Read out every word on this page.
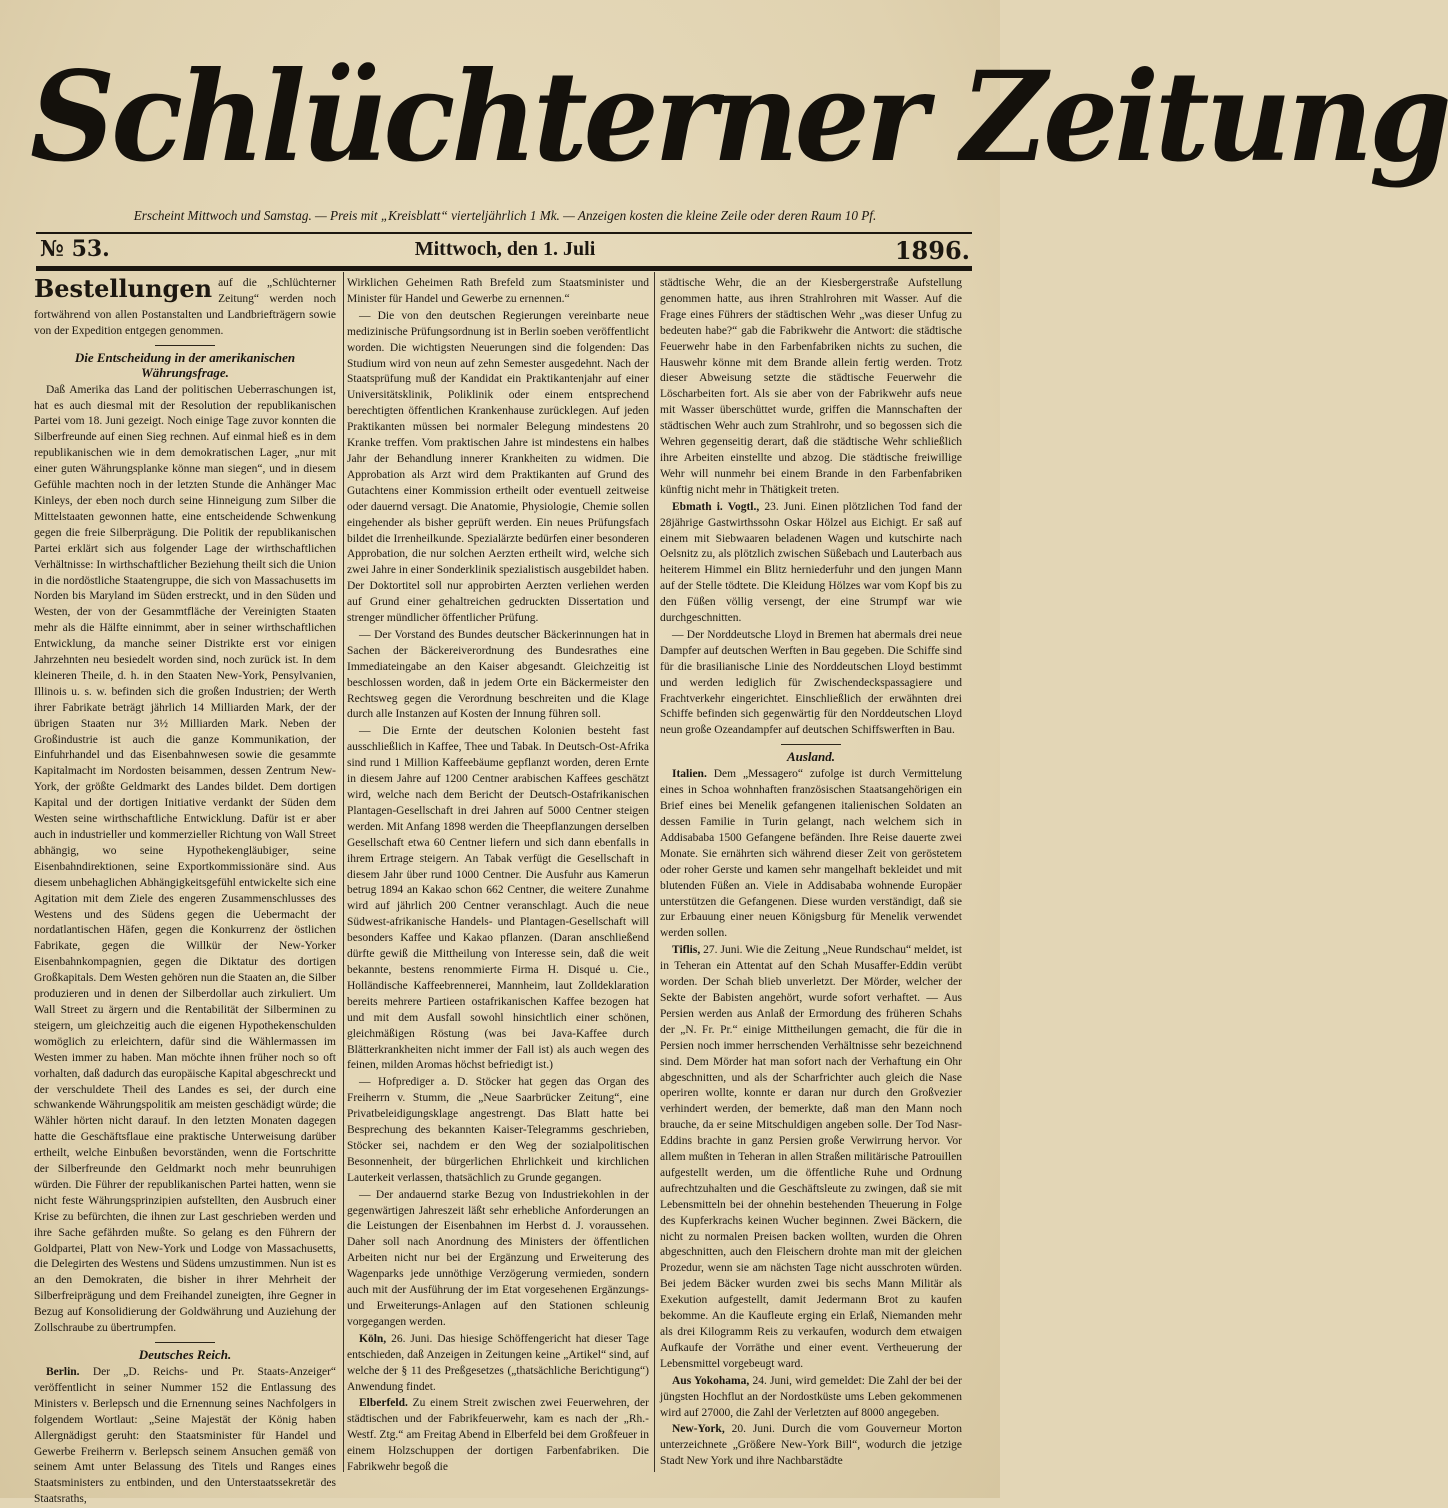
Schlüchterner Zeitung
Erscheint Mittwoch und Samstag. — Preis mit „Kreisblatt“ vierteljährlich 1 Mk. — Anzeigen kosten die kleine Zeile oder deren Raum 10 Pf.
№ 53.	Mittwoch, den 1. Juli	1896.
Bestellungen auf die „Schlüchterner Zeitung“ werden noch fortwährend von allen Postanstalten und Landbriefträgern sowie von der Expedition entgegen genommen.
Die Entscheidung in der amerikanischen Währungsfrage.

Daß Amerika das Land der politischen Ueberraschungen ist, hat es auch diesmal mit der Resolution der republikanischen Partei vom 18. Juni gezeigt. Noch einige Tage zuvor konnten die Silberfreunde auf einen Sieg rechnen. Auf einmal hieß es in dem republikanischen wie in dem demokratischen Lager, „nur mit einer guten Währungsplanke könne man siegen“, und in diesem Gefühle machten noch in der letzten Stunde die Anhänger Mac Kinleys, der eben noch durch seine Hinneigung zum Silber die Mittelstaaten gewonnen hatte, eine entscheidende Schwenkung gegen die freie Silberprägung. Die Politik der republikanischen Partei erklärt sich aus folgender Lage der wirthschaftlichen Verhältnisse: In wirthschaftlicher Beziehung theilt sich die Union in die nordöstliche Staatengruppe, die sich von Massachusetts im Norden bis Maryland im Süden erstreckt, und in den Süden und Westen, der von der Gesammtfläche der Vereinigten Staaten mehr als die Hälfte einnimmt, aber in seiner wirthschaftlichen Entwicklung, da manche seiner Distrikte erst vor einigen Jahrzehnten neu besiedelt worden sind, noch zurück ist. In dem kleineren Theile, d. h. in den Staaten New-York, Pensylvanien, Illinois u. s. w. befinden sich die großen Industrien; der Werth ihrer Fabrikate beträgt jährlich 14 Milliarden Mark, der der übrigen Staaten nur 3½ Milliarden Mark. Neben der Großindustrie ist auch die ganze Kommunikation, der Einfuhrhandel und das Eisenbahnwesen sowie die gesammte Kapitalmacht im Nordosten beisammen, dessen Zentrum New-York, der größte Geldmarkt des Landes bildet. Dem dortigen Kapital und der dortigen Initiative verdankt der Süden dem Westen seine wirthschaftliche Entwicklung. Dafür ist er aber auch in industrieller und kommerzieller Richtung von Wall Street abhängig, wo seine Hypothekengläubiger, seine Eisenbahndirektionen, seine Exportkommissionäre sind. Aus diesem unbehaglichen Abhängigkeitsgefühl entwickelte sich eine Agitation mit dem Ziele des engeren Zusammenschlusses des Westens und des Südens gegen die Uebermacht der nordatlantischen Häfen, gegen die Konkurrenz der östlichen Fabrikate, gegen die Willkür der New-Yorker Eisenbahnkompagnien, gegen die Diktatur des dortigen Großkapitals. Dem Westen gehören nun die Staaten an, die Silber produzieren und in denen der Silberdollar auch zirkuliert. Um Wall Street zu ärgern und die Rentabilität der Silberminen zu steigern, um gleichzeitig auch die eigenen Hypothekenschulden womöglich zu erleichtern, dafür sind die Wählermassen im Westen immer zu haben. Man möchte ihnen früher noch so oft vorhalten, daß dadurch das europäische Kapital abgeschreckt und der verschuldete Theil des Landes es sei, der durch eine schwankende Währungspolitik am meisten geschädigt würde; die Wähler hörten nicht darauf. In den letzten Monaten dagegen hatte die Geschäftsflaue eine praktische Unterweisung darüber ertheilt, welche Einbußen bevorständen, wenn die Fortschritte der Silberfreunde den Geldmarkt noch mehr beunruhigen würden. Die Führer der republikanischen Partei hatten, wenn sie nicht feste Währungsprinzipien aufstellten, den Ausbruch einer Krise zu befürchten, die ihnen zur Last geschrieben werden und ihre Sache gefährden mußte. So gelang es den Führern der Goldpartei, Platt von New-York und Lodge von Massachusetts, die Delegirten des Westens und Südens umzustimmen. Nun ist es an den Demokraten, die bisher in ihrer Mehrheit der Silberfreiprägung und dem Freihandel zuneigten, ihre Gegner in Bezug auf Konsolidierung der Goldwährung und Auziehung der Zollschraube zu übertrumpfen.

Deutsches Reich.

Berlin. Der „D. Reichs- und Pr. Staats-Anzeiger“ veröffentlicht in seiner Nummer 152 die Entlassung des Ministers v. Berlepsch und die Ernennung seines Nachfolgers in folgendem Wortlaut: „Seine Majestät der König haben Allergnädigst geruht: den Staatsminister für Handel und Gewerbe Freiherrn v. Berlepsch seinem Ansuchen gemäß von seinem Amt unter Belassung des Titels und Ranges eines Staatsministers zu entbinden, und den Unterstaatssekretär des Staatsraths,

Wirklichen Geheimen Rath Brefeld zum Staatsminister und Minister für Handel und Gewerbe zu ernennen.“

— Die von den deutschen Regierungen vereinbarte neue medizinische Prüfungsordnung ist in Berlin soeben veröffentlicht worden. Die wichtigsten Neuerungen sind die folgenden: Das Studium wird von neun auf zehn Semester ausgedehnt. Nach der Staatsprüfung muß der Kandidat ein Praktikantenjahr auf einer Universitätsklinik, Poliklinik oder einem entsprechend berechtigten öffentlichen Krankenhause zurücklegen. Auf jeden Praktikanten müssen bei normaler Belegung mindestens 20 Kranke treffen. Vom praktischen Jahre ist mindestens ein halbes Jahr der Behandlung innerer Krankheiten zu widmen. Die Approbation als Arzt wird dem Praktikanten auf Grund des Gutachtens einer Kommission ertheilt oder eventuell zeitweise oder dauernd versagt. Die Anatomie, Physiologie, Chemie sollen eingehender als bisher geprüft werden. Ein neues Prüfungsfach bildet die Irrenheilkunde. Spezialärzte bedürfen einer besonderen Approbation, die nur solchen Aerzten ertheilt wird, welche sich zwei Jahre in einer Sonderklinik spezialistisch ausgebildet haben. Der Doktortitel soll nur approbirten Aerzten verliehen werden auf Grund einer gehaltreichen gedruckten Dissertation und strenger mündlicher öffentlicher Prüfung.

— Der Vorstand des Bundes deutscher Bäckerinnungen hat in Sachen der Bäckereiverordnung des Bundesrathes eine Immediateingabe an den Kaiser abgesandt. Gleichzeitig ist beschlossen worden, daß in jedem Orte ein Bäckermeister den Rechtsweg gegen die Verordnung beschreiten und die Klage durch alle Instanzen auf Kosten der Innung führen soll.

— Die Ernte der deutschen Kolonien besteht fast ausschließlich in Kaffee, Thee und Tabak. In Deutsch-Ost-Afrika sind rund 1 Million Kaffeebäume gepflanzt worden, deren Ernte in diesem Jahre auf 1200 Centner arabischen Kaffees geschätzt wird, welche nach dem Bericht der Deutsch-Ostafrikanischen Plantagen-Gesellschaft in drei Jahren auf 5000 Centner steigen werden. Mit Anfang 1898 werden die Theepflanzungen derselben Gesellschaft etwa 60 Centner liefern und sich dann ebenfalls in ihrem Ertrage steigern. An Tabak verfügt die Gesellschaft in diesem Jahr über rund 1000 Centner. Die Ausfuhr aus Kamerun betrug 1894 an Kakao schon 662 Centner, die weitere Zunahme wird auf jährlich 200 Centner veranschlagt. Auch die neue Südwest-afrikanische Handels- und Plantagen-Gesellschaft will besonders Kaffee und Kakao pflanzen. (Daran anschließend dürfte gewiß die Mittheilung von Interesse sein, daß die weit bekannte, bestens renommierte Firma H. Disqué u. Cie., Holländische Kaffeebrennerei, Mannheim, laut Zolldeklaration bereits mehrere Partieen ostafrikanischen Kaffee bezogen hat und mit dem Ausfall sowohl hinsichtlich einer schönen, gleichmäßigen Röstung (was bei Java-Kaffee durch Blätterkrankheiten nicht immer der Fall ist) als auch wegen des feinen, milden Aromas höchst befriedigt ist.)

— Hofprediger a. D. Stöcker hat gegen das Organ des Freiherrn v. Stumm, die „Neue Saarbrücker Zeitung“, eine Privatbeleidigungsklage angestrengt. Das Blatt hatte bei Besprechung des bekannten Kaiser-Telegramms geschrieben, Stöcker sei, nachdem er den Weg der sozialpolitischen Besonnenheit, der bürgerlichen Ehrlichkeit und kirchlichen Lauterkeit verlassen, thatsächlich zu Grunde gegangen.

— Der andauernd starke Bezug von Industriekohlen in der gegenwärtigen Jahreszeit läßt sehr erhebliche Anforderungen an die Leistungen der Eisenbahnen im Herbst d. J. voraussehen. Daher soll nach Anordnung des Ministers der öffentlichen Arbeiten nicht nur bei der Ergänzung und Erweiterung des Wagenparks jede unnöthige Verzögerung vermieden, sondern auch mit der Ausführung der im Etat vorgesehenen Ergänzungs- und Erweiterungs-Anlagen auf den Stationen schleunig vorgegangen werden.

Köln, 26. Juni. Das hiesige Schöffengericht hat dieser Tage entschieden, daß Anzeigen in Zeitungen keine „Artikel“ sind, auf welche der § 11 des Preßgesetzes („thatsächliche Berichtigung“) Anwendung findet.

Elberfeld. Zu einem Streit zwischen zwei Feuerwehren, der städtischen und der Fabrikfeuerwehr, kam es nach der „Rh.-Westf. Ztg.“ am Freitag Abend in Elberfeld bei dem Großfeuer in einem Holzschuppen der dortigen Farbenfabriken. Die Fabrikwehr begoß die

städtische Wehr, die an der Kiesbergerstraße Aufstellung genommen hatte, aus ihren Strahlrohren mit Wasser. Auf die Frage eines Führers der städtischen Wehr „was dieser Unfug zu bedeuten habe?“ gab die Fabrikwehr die Antwort: die städtische Feuerwehr habe in den Farbenfabriken nichts zu suchen, die Hauswehr könne mit dem Brande allein fertig werden. Trotz dieser Abweisung setzte die städtische Feuerwehr die Löscharbeiten fort. Als sie aber von der Fabrikwehr aufs neue mit Wasser überschüttet wurde, griffen die Mannschaften der städtischen Wehr auch zum Strahlrohr, und so begossen sich die Wehren gegenseitig derart, daß die städtische Wehr schließlich ihre Arbeiten einstellte und abzog. Die städtische freiwillige Wehr will nunmehr bei einem Brande in den Farbenfabriken künftig nicht mehr in Thätigkeit treten.

Ebmath i. Vogtl., 23. Juni. Einen plötzlichen Tod fand der 28jährige Gastwirthssohn Oskar Hölzel aus Eichigt. Er saß auf einem mit Siebwaaren beladenen Wagen und kutschirte nach Oelsnitz zu, als plötzlich zwischen Süßebach und Lauterbach aus heiterem Himmel ein Blitz herniederfuhr und den jungen Mann auf der Stelle tödtete. Die Kleidung Hölzes war vom Kopf bis zu den Füßen völlig versengt, der eine Strumpf war wie durchgeschnitten.

— Der Norddeutsche Lloyd in Bremen hat abermals drei neue Dampfer auf deutschen Werften in Bau gegeben. Die Schiffe sind für die brasilianische Linie des Norddeutschen Lloyd bestimmt und werden lediglich für Zwischendeckspassagiere und Frachtverkehr eingerichtet. Einschließlich der erwähnten drei Schiffe befinden sich gegenwärtig für den Norddeutschen Lloyd neun große Ozeandampfer auf deutschen Schiffswerften in Bau.

Ausland.

Italien. Dem „Messagero“ zufolge ist durch Vermittelung eines in Schoa wohnhaften französischen Staatsangehörigen ein Brief eines bei Menelik gefangenen italienischen Soldaten an dessen Familie in Turin gelangt, nach welchem sich in Addisababa 1500 Gefangene befänden. Ihre Reise dauerte zwei Monate. Sie ernährten sich während dieser Zeit von geröstetem oder roher Gerste und kamen sehr mangelhaft bekleidet und mit blutenden Füßen an. Viele in Addisababa wohnende Europäer unterstützen die Gefangenen. Diese wurden verständigt, daß sie zur Erbauung einer neuen Königsburg für Menelik verwendet werden sollen.

Tiflis, 27. Juni. Wie die Zeitung „Neue Rundschau“ meldet, ist in Teheran ein Attentat auf den Schah Musaffer-Eddin verübt worden. Der Schah blieb unverletzt. Der Mörder, welcher der Sekte der Babisten angehört, wurde sofort verhaftet. — Aus Persien werden aus Anlaß der Ermordung des früheren Schahs der „N. Fr. Pr.“ einige Mittheilungen gemacht, die für die in Persien noch immer herrschenden Verhältnisse sehr bezeichnend sind. Dem Mörder hat man sofort nach der Verhaftung ein Ohr abgeschnitten, und als der Scharfrichter auch gleich die Nase operiren wollte, konnte er daran nur durch den Großvezier verhindert werden, der bemerkte, daß man den Mann noch brauche, da er seine Mitschuldigen angeben solle. Der Tod Nasr-Eddins brachte in ganz Persien große Verwirrung hervor. Vor allem mußten in Teheran in allen Straßen militärische Patrouillen aufgestellt werden, um die öffentliche Ruhe und Ordnung aufrechtzuhalten und die Geschäftsleute zu zwingen, daß sie mit Lebensmitteln bei der ohnehin bestehenden Theuerung in Folge des Kupferkrachs keinen Wucher beginnen. Zwei Bäckern, die nicht zu normalen Preisen backen wollten, wurden die Ohren abgeschnitten, auch den Fleischern drohte man mit der gleichen Prozedur, wenn sie am nächsten Tage nicht ausschroten würden. Bei jedem Bäcker wurden zwei bis sechs Mann Militär als Exekution aufgestellt, damit Jedermann Brot zu kaufen bekomme. An die Kaufleute erging ein Erlaß, Niemanden mehr als drei Kilogramm Reis zu verkaufen, wodurch dem etwaigen Aufkaufe der Vorräthe und einer event. Vertheuerung der Lebensmittel vorgebeugt ward.

Aus Yokohama, 24. Juni, wird gemeldet: Die Zahl der bei der jüngsten Hochflut an der Nordostküste ums Leben gekommenen wird auf 27000, die Zahl der Verletzten auf 8000 angegeben.

New-York, 20. Juni. Durch die vom Gouverneur Morton unterzeichnete „Größere New-York Bill“, wodurch die jetzige Stadt New York und ihre Nachbarstädte
